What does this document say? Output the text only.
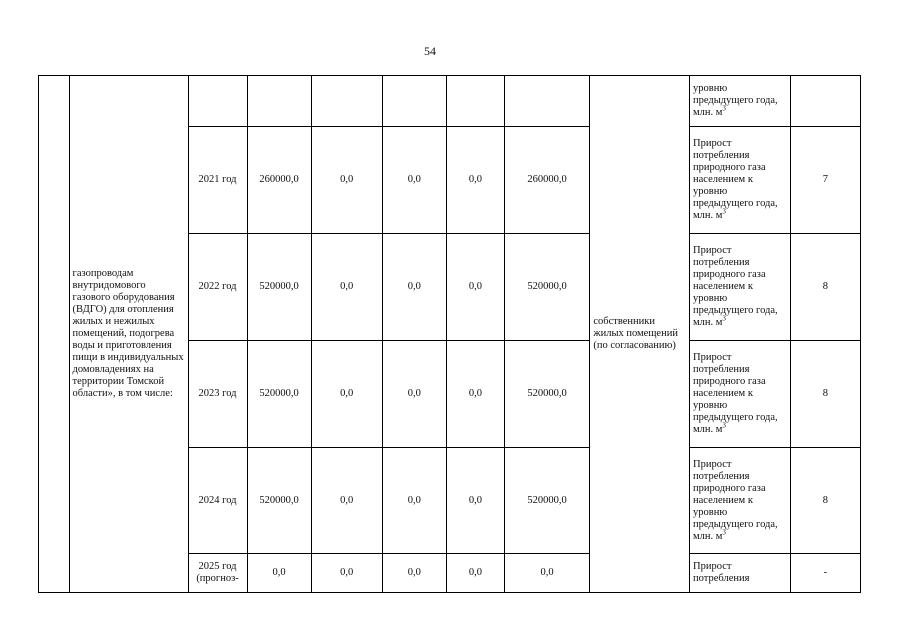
54
	газопроводам внутридомового газового оборудования (ВДГО) для отопления жилых и нежилых помещений, подогрева воды и приготовления пищи в индивидуальных домовладениях на территории Томской области», в том числе:							собственники жилых помещений (по согласованию)	уровню предыдущего года, млн. $м^3$	
		2021 год	260000,0	0,0	0,0	0,0	260000,0		Прирост потребления природного газа населением к уровню предыдущего года, млн. $м^3$	7
		2022 год	520000,0	0,0	0,0	0,0	520000,0		Прирост потребления природного газа населением к уровню предыдущего года, млн. $м^3$	8
		2023 год	520000,0	0,0	0,0	0,0	520000,0		Прирост потребления природного газа населением к уровню предыдущего года, млн. $м^3$	8
		2024 год	520000,0	0,0	0,0	0,0	520000,0		Прирост потребления природного газа населением к уровню предыдущего года, млн. $м^3$	8
		2025 год (прогноз-	0,0	0,0	0,0	0,0	0,0		Прирост потребления	-
